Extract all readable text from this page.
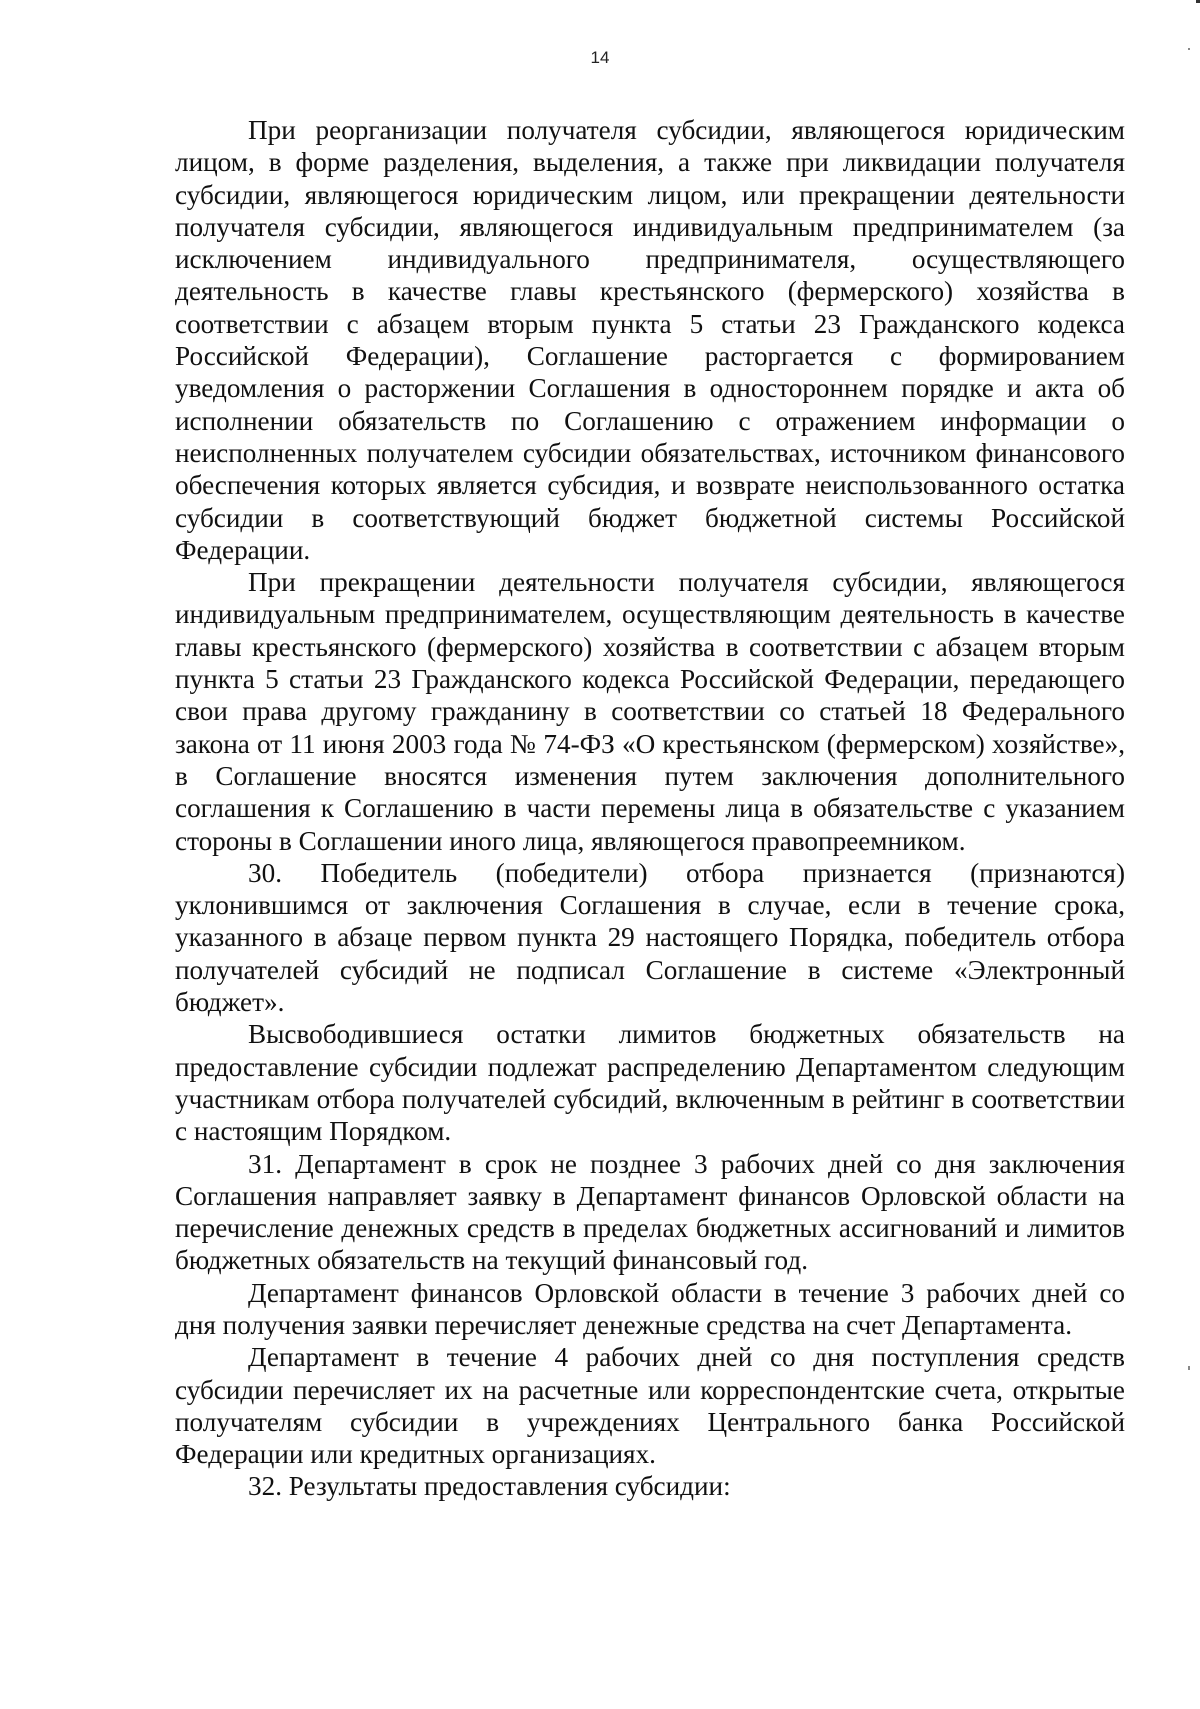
14

При реорганизации получателя субсидии, являющегося юридическим лицом, в форме разделения, выделения, а также при ликвидации получателя субсидии, являющегося юридическим лицом, или прекращении деятельности получателя субсидии, являющегося индивидуальным предпринимателем (за исключением индивидуального предпринимателя, осуществляющего деятельность в качестве главы крестьянского (фермерского) хозяйства в соответствии с абзацем вторым пункта 5 статьи 23 Гражданского кодекса Российской Федерации), Соглашение расторгается с формированием уведомления о расторжении Соглашения в одностороннем порядке и акта об исполнении обязательств по Соглашению с отражением информации о неисполненных получателем субсидии обязательствах, источником финансового обеспечения которых является субсидия, и возврате неиспользованного остатка субсидии в соответствующий бюджет бюджетной системы Российской Федерации.

При прекращении деятельности получателя субсидии, являющегося индивидуальным предпринимателем, осуществляющим деятельность в качестве главы крестьянского (фермерского) хозяйства в соответствии с абзацем вторым пункта 5 статьи 23 Гражданского кодекса Российской Федерации, передающего свои права другому гражданину в соответствии со статьей 18 Федерального закона от 11 июня 2003 года № 74-ФЗ «О крестьянском (фермерском) хозяйстве», в Соглашение вносятся изменения путем заключения дополнительного соглашения к Соглашению в части перемены лица в обязательстве с указанием стороны в Соглашении иного лица, являющегося правопреемником.

30. Победитель (победители) отбора признается (признаются) уклонившимся от заключения Соглашения в случае, если в течение срока, указанного в абзаце первом пункта 29 настоящего Порядка, победитель отбора получателей субсидий не подписал Соглашение в системе «Электронный бюджет».

Высвободившиеся остатки лимитов бюджетных обязательств на предоставление субсидии подлежат распределению Департаментом следующим участникам отбора получателей субсидий, включенным в рейтинг в соответствии с настоящим Порядком.

31. Департамент в срок не позднее 3 рабочих дней со дня заключения Соглашения направляет заявку в Департамент финансов Орловской области на перечисление денежных средств в пределах бюджетных ассигнований и лимитов бюджетных обязательств на текущий финансовый год.

Департамент финансов Орловской области в течение 3 рабочих дней со дня получения заявки перечисляет денежные средства на счет Департамента.

Департамент в течение 4 рабочих дней со дня поступления средств субсидии перечисляет их на расчетные или корреспондентские счета, открытые получателям субсидии в учреждениях Центрального банка Российской Федерации или кредитных организациях.

32. Результаты предоставления субсидии:
